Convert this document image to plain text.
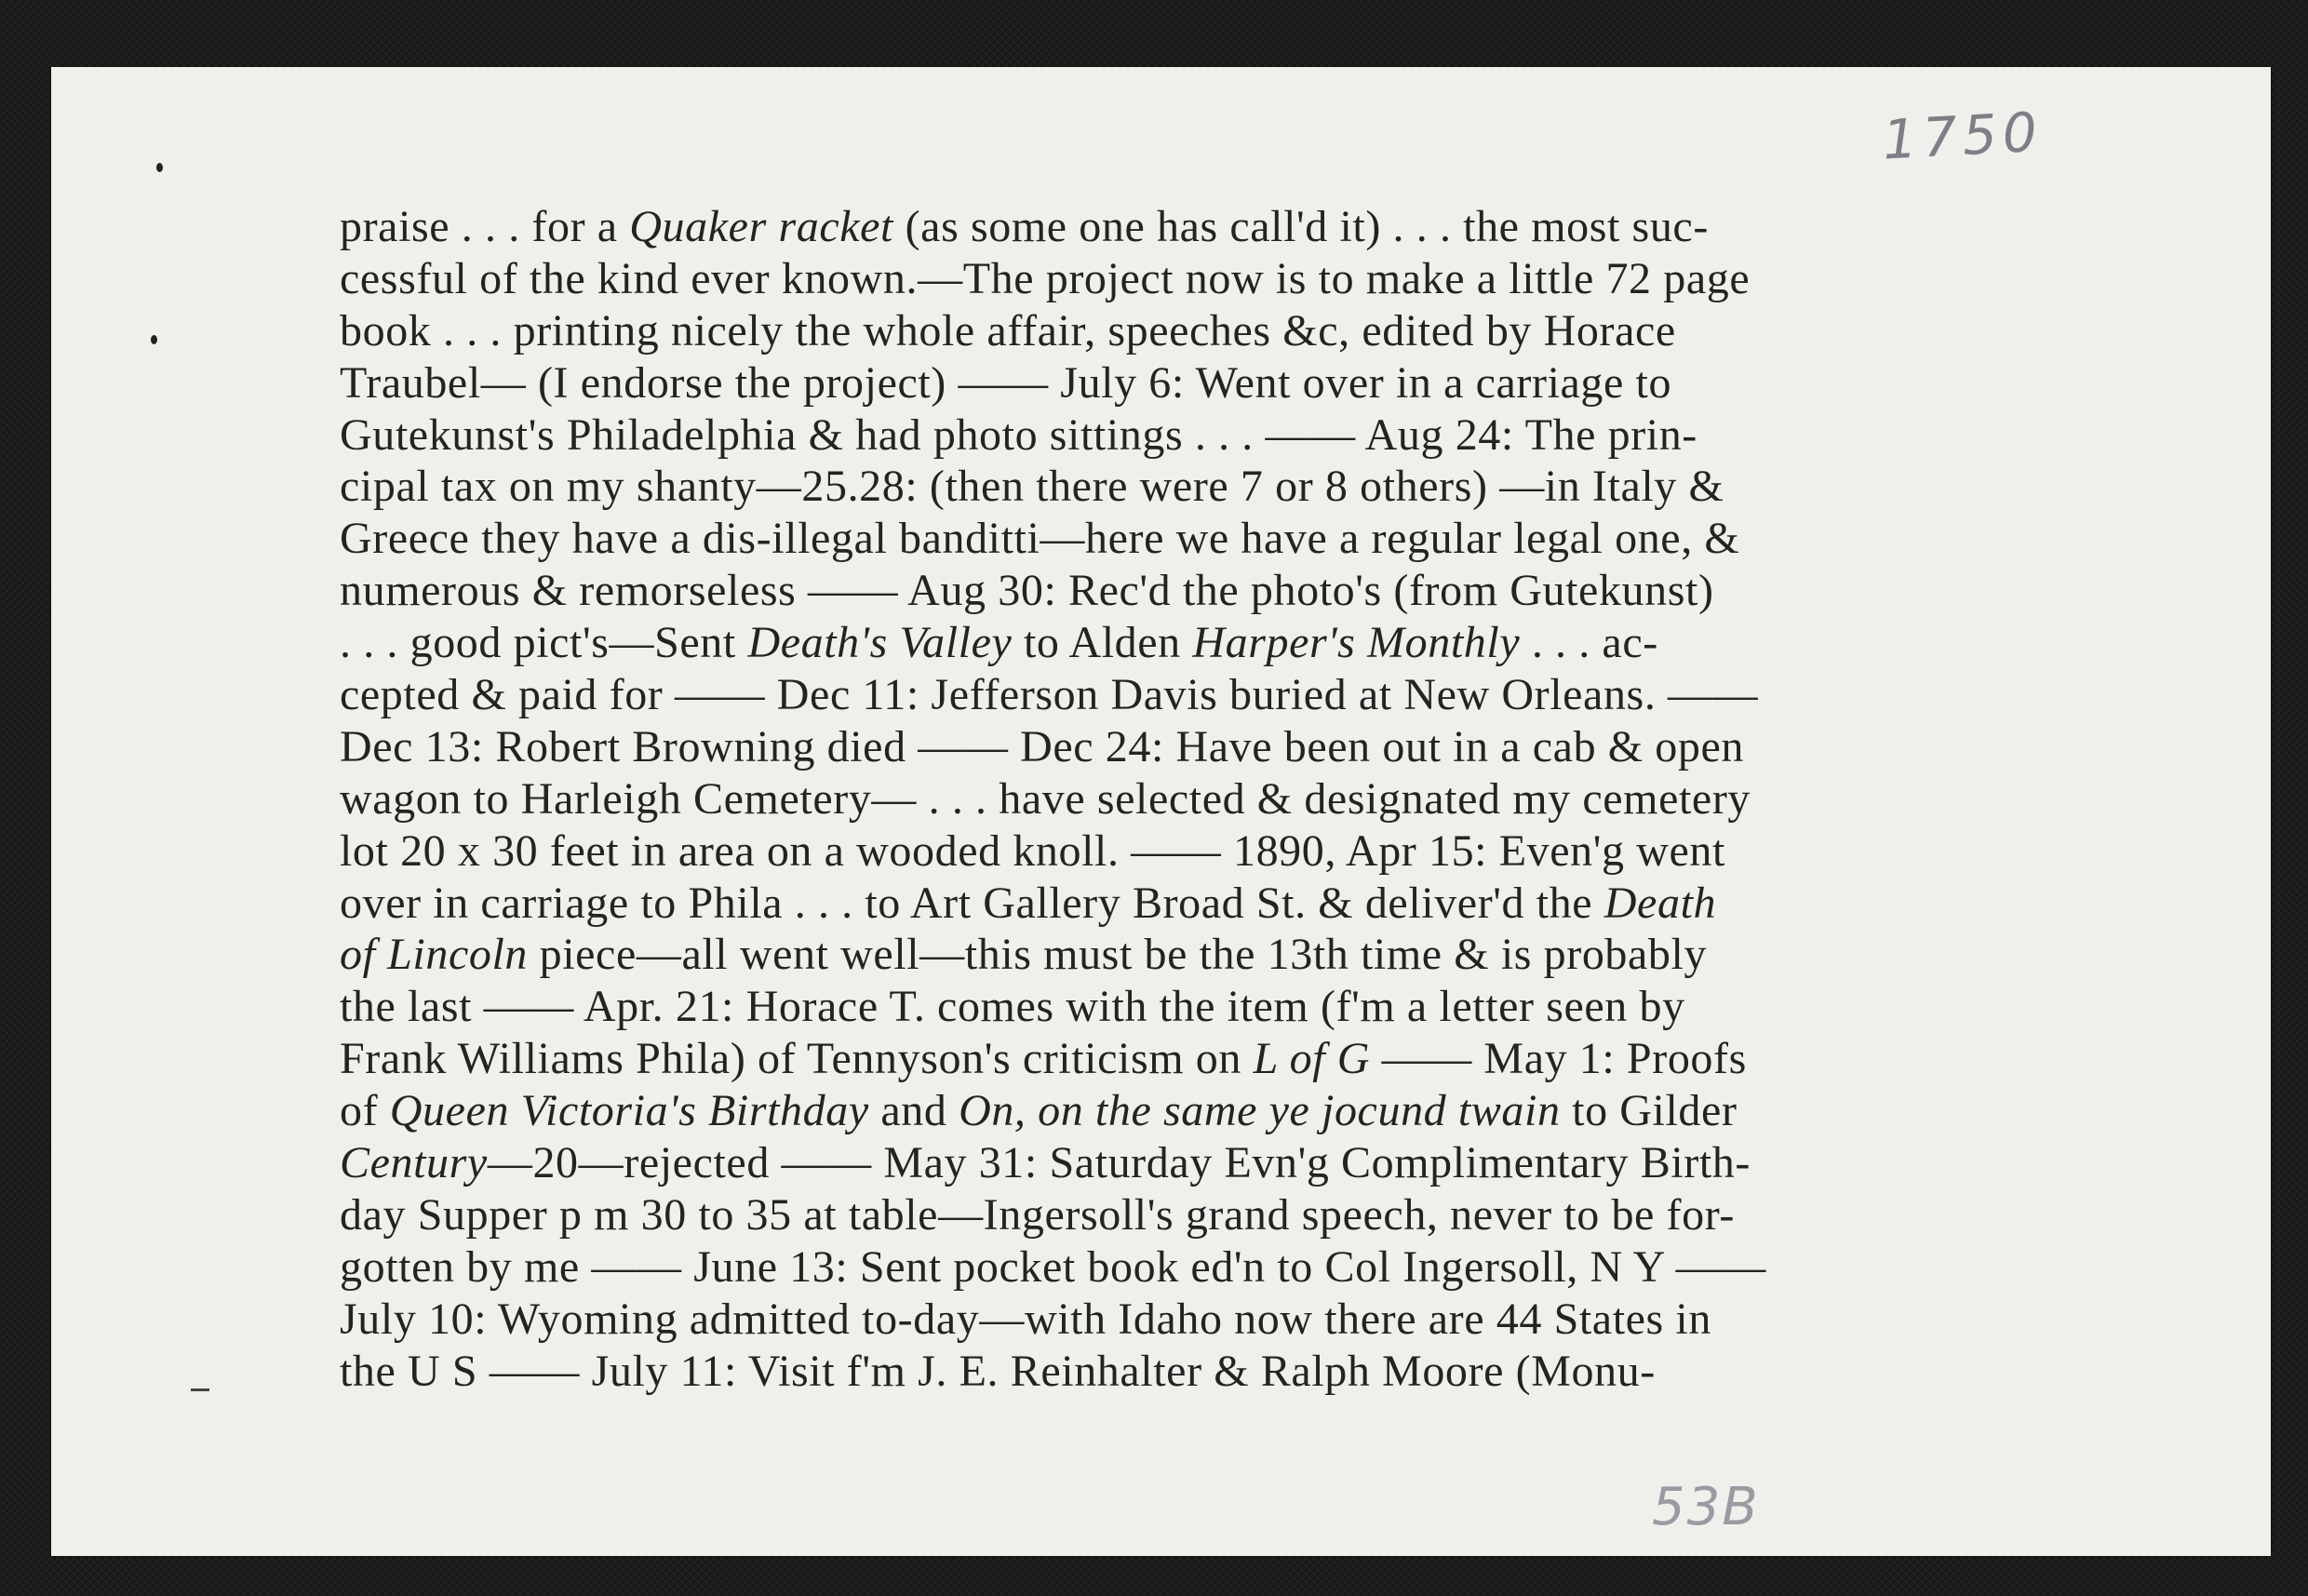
1750
praise . . . for a Quaker racket (as some one has call'd it) . . . the most suc-
cessful of the kind ever known.—The project now is to make a little 72 page
book . . . printing nicely the whole affair, speeches &c, edited by Horace
Traubel— (I endorse the project) —— July 6: Went over in a carriage to
Gutekunst's Philadelphia & had photo sittings . . . —— Aug 24: The prin-
cipal tax on my shanty—25.28: (then there were 7 or 8 others) —in Italy &
Greece they have a dis-illegal banditti—here we have a regular legal one, &
numerous & remorseless —— Aug 30: Rec'd the photo's (from Gutekunst)
. . . good pict's—Sent Death's Valley to Alden Harper's Monthly . . . ac-
cepted & paid for —— Dec 11: Jefferson Davis buried at New Orleans. ——
Dec 13: Robert Browning died —— Dec 24: Have been out in a cab & open
wagon to Harleigh Cemetery— . . . have selected & designated my cemetery
lot 20 x 30 feet in area on a wooded knoll. —— 1890, Apr 15: Even'g went
over in carriage to Phila . . . to Art Gallery Broad St. & deliver'd the Death
of Lincoln piece—all went well—this must be the 13th time & is probably
the last —— Apr. 21: Horace T. comes with the item (f'm a letter seen by
Frank Williams Phila) of Tennyson's criticism on L of G —— May 1: Proofs
of Queen Victoria's Birthday and On, on the same ye jocund twain to Gilder
Century—20—rejected —— May 31: Saturday Evn'g Complimentary Birth-
day Supper p m 30 to 35 at table—Ingersoll's grand speech, never to be for-
gotten by me —— June 13: Sent pocket book ed'n to Col Ingersoll, N Y ——
July 10: Wyoming admitted to-day—with Idaho now there are 44 States in
the U S —— July 11: Visit f'm J. E. Reinhalter & Ralph Moore (Monu-
53B
